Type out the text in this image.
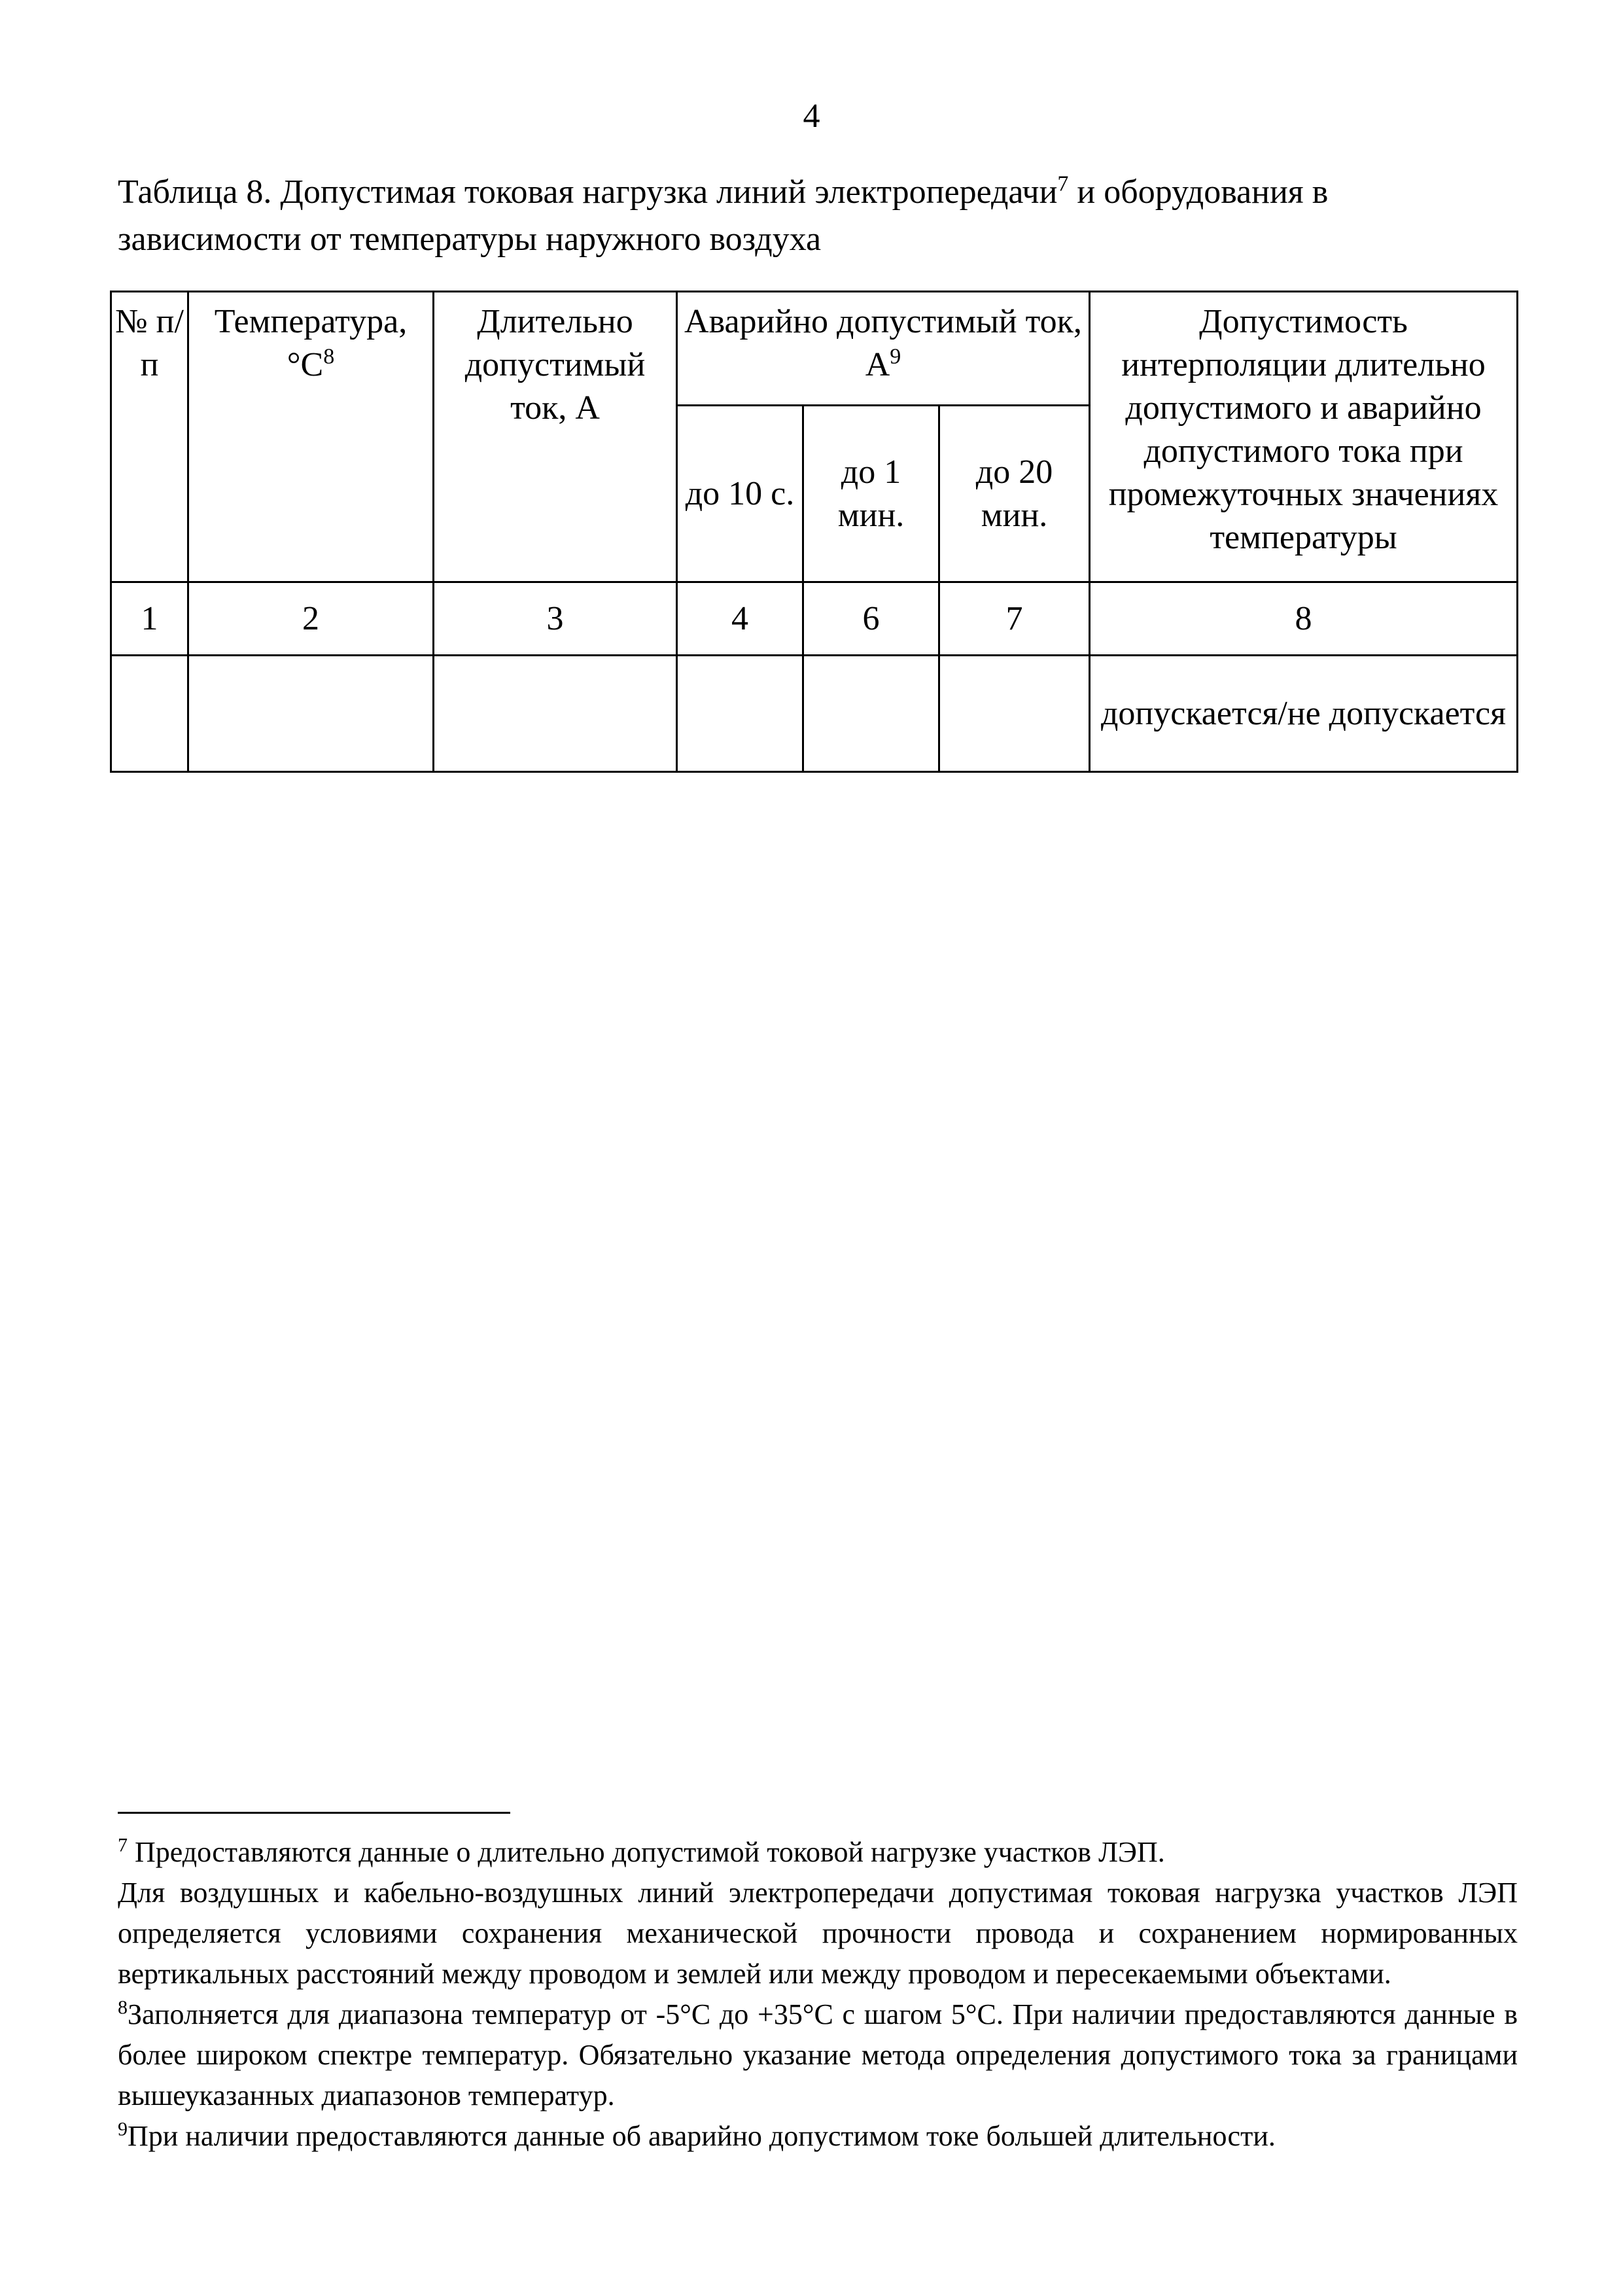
4

Таблица 8. Допустимая токовая нагрузка линий электропередачи$^7$ и оборудования в зависимости от температуры наружного воздуха

№ п/п	Температура, $^\circ С^8$	Длительно допустимый ток, А	Аварийно допустимый ток, $А^9$			Допустимость интерполяции длительно допустимого и аварийно допустимого тока при промежуточных значениях температуры
			до 10 с.	до 1 мин.	до 20 мин.	
1	2	3	4	6	7	8
						допускается/не допускается

$^7$ Предоставляются данные о длительно допустимой токовой нагрузке участков ЛЭП.

Для воздушных и кабельно-воздушных линий электропередачи допустимая токовая нагрузка участков ЛЭП определяется условиями сохранения механической прочности провода и сохранением нормированных вертикальных расстояний между проводом и землей или между проводом и пересекаемыми объектами.

$^8$Заполняется для диапазона температур от -5°С до +35°С с шагом 5°С. При наличии предоставляются данные в более широком спектре температур. Обязательно указание метода определения допустимого тока за границами вышеуказанных диапазонов температур.

$^9$При наличии предоставляются данные об аварийно допустимом токе большей длительности.
